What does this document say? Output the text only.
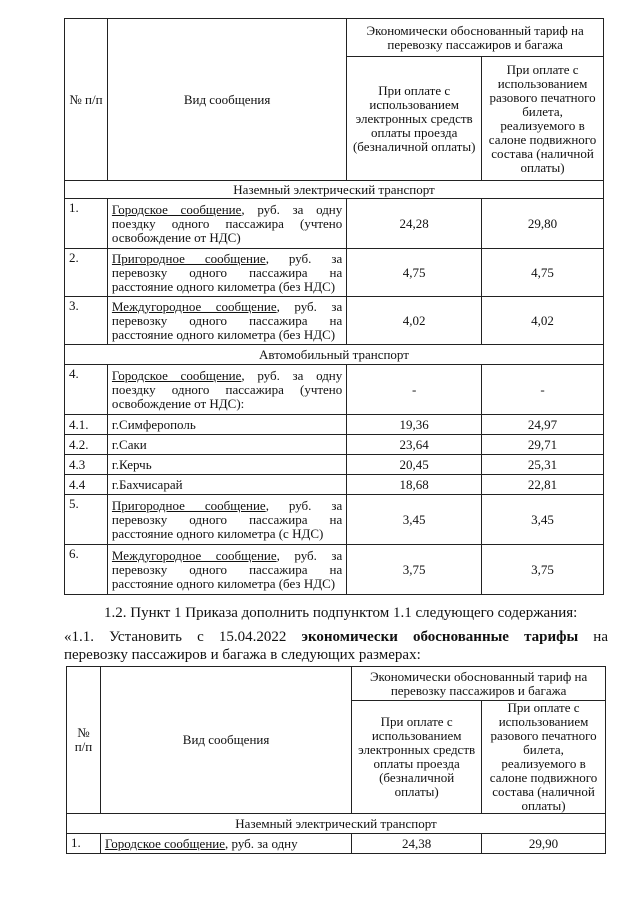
№ п/п	Вид сообщения	Экономически обоснованный тариф на перевозку пассажиров и багажа	
		При оплате с использованием электронных средств оплаты проезда (безналичной оплаты)	При оплате с использованием разового печатного билета, реализуемого в салоне подвижного состава (наличной оплаты)
Наземный электрический транспорт			
1.	Городское сообщение, руб. за одну поездку одного пассажира (учтено освобождение от НДС)	24,28	29,80
2.	Пригородное сообщение, руб. за перевозку одного пассажира на расстояние одного километра (без НДС)	4,75	4,75
3.	Междугородное сообщение, руб. за перевозку одного пассажира на расстояние одного километра (без НДС)	4,02	4,02
Автомобильный транспорт			
4.	Городское сообщение, руб. за одну поездку одного пассажира (учтено освобождение от НДС):	-	-
4.1.	г.Симферополь	19,36	24,97
4.2.	г.Саки	23,64	29,71
4.3	г.Керчь	20,45	25,31
4.4	г.Бахчисарай	18,68	22,81
5.	Пригородное сообщение, руб. за перевозку одного пассажира на расстояние одного километра (с НДС)	3,45	3,45
6.	Междугородное сообщение, руб. за перевозку одного пассажира на расстояние одного километра (без НДС)	3,75	3,75
1.2. Пункт 1 Приказа дополнить подпунктом 1.1 следующего содержания:
«1.1. Установить с 15.04.2022 экономически обоснованные тарифы на
перевозку пассажиров и багажа в следующих размерах:
№ п/п	Вид сообщения	Экономически обоснованный тариф на перевозку пассажиров и багажа	
		При оплате с использованием электронных средств оплаты проезда (безналичной оплаты)	При оплате с использованием разового печатного билета, реализуемого в салоне подвижного состава (наличной оплаты)
Наземный электрический транспорт			
1.	Городское сообщение, руб. за одну	24,38	29,90
